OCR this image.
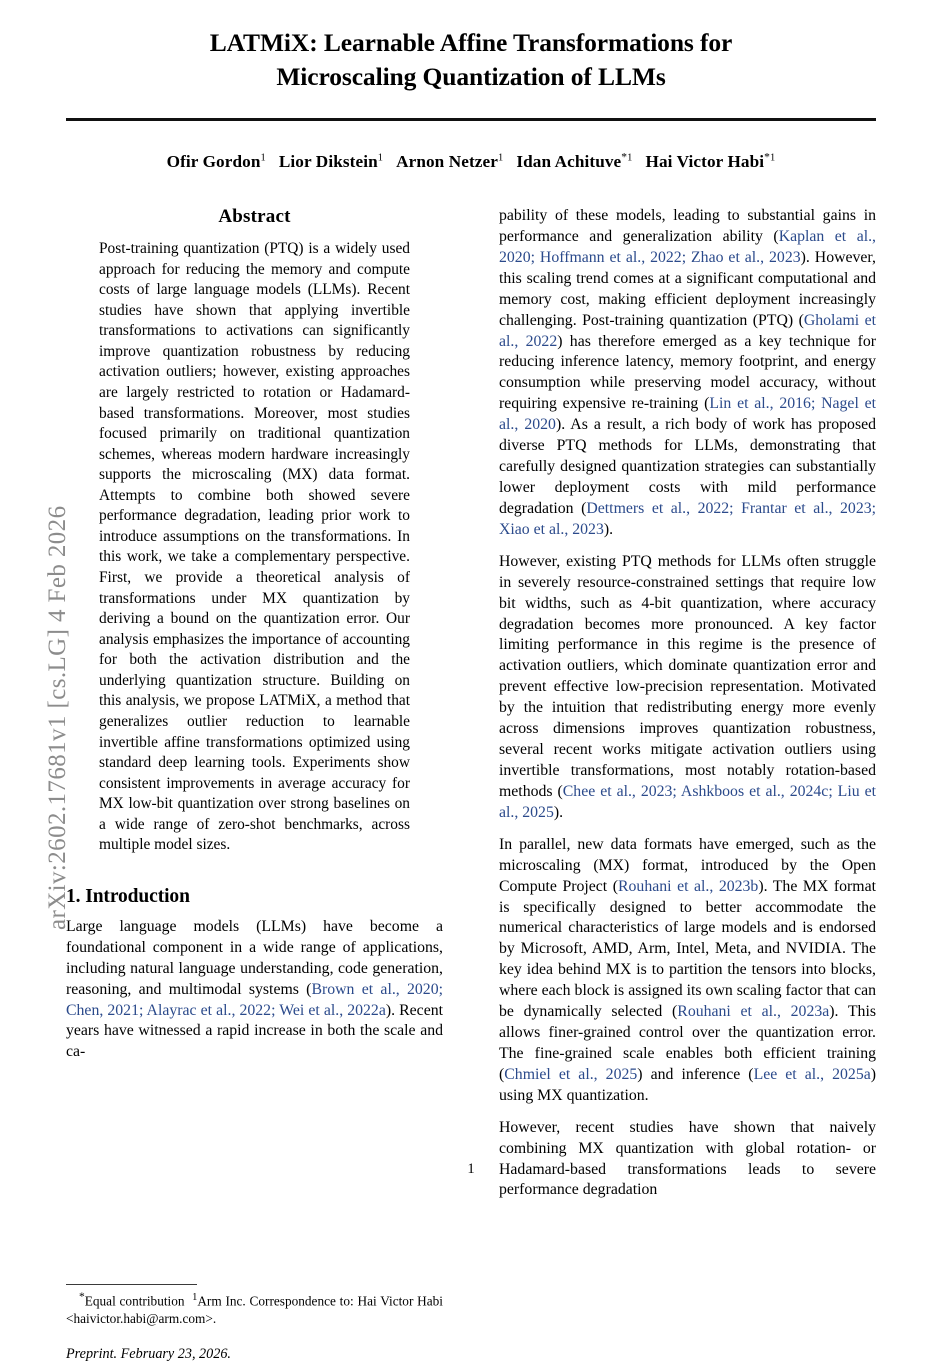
arXiv:2602.17681v1 [cs.LG] 4 Feb 2026
LATMiX: Learnable Affine Transformations for
Microscaling Quantization of LLMs
Ofir Gordon$^1$ Lior Dikstein$^1$ Arnon Netzer$^1$ Idan Achituve$^{*1}$ Hai Victor Habi$^{*1}$
Abstract

Post-training quantization (PTQ) is a widely used approach for reducing the memory and compute costs of large language models (LLMs). Recent studies have shown that applying invertible transformations to activations can significantly improve quantization robustness by reducing activation outliers; however, existing approaches are largely restricted to rotation or Hadamard-based transformations. Moreover, most studies focused primarily on traditional quantization schemes, whereas modern hardware increasingly supports the microscaling (MX) data format. Attempts to combine both showed severe performance degradation, leading prior work to introduce assumptions on the transformations. In this work, we take a complementary perspective. First, we provide a theoretical analysis of transformations under MX quantization by deriving a bound on the quantization error. Our analysis emphasizes the importance of accounting for both the activation distribution and the underlying quantization structure. Building on this analysis, we propose LATMiX, a method that generalizes outlier reduction to learnable invertible affine transformations optimized using standard deep learning tools. Experiments show consistent improvements in average accuracy for MX low-bit quantization over strong baselines on a wide range of zero-shot benchmarks, across multiple model sizes.

1. Introduction

Large language models (LLMs) have become a foundational component in a wide range of applications, including natural language understanding, code generation, reasoning, and multimodal systems (Brown et al., 2020; Chen, 2021; Alayrac et al., 2022; Wei et al., 2022a). Recent years have witnessed a rapid increase in both the scale and ca-

pability of these models, leading to substantial gains in performance and generalization ability (Kaplan et al., 2020; Hoffmann et al., 2022; Zhao et al., 2023). However, this scaling trend comes at a significant computational and memory cost, making efficient deployment increasingly challenging. Post-training quantization (PTQ) (Gholami et al., 2022) has therefore emerged as a key technique for reducing inference latency, memory footprint, and energy consumption while preserving model accuracy, without requiring expensive re-training (Lin et al., 2016; Nagel et al., 2020). As a result, a rich body of work has proposed diverse PTQ methods for LLMs, demonstrating that carefully designed quantization strategies can substantially lower deployment costs with mild performance degradation (Dettmers et al., 2022; Frantar et al., 2023; Xiao et al., 2023).

However, existing PTQ methods for LLMs often struggle in severely resource-constrained settings that require low bit widths, such as 4-bit quantization, where accuracy degradation becomes more pronounced. A key factor limiting performance in this regime is the presence of activation outliers, which dominate quantization error and prevent effective low-precision representation. Motivated by the intuition that redistributing energy more evenly across dimensions improves quantization robustness, several recent works mitigate activation outliers using invertible transformations, most notably rotation-based methods (Chee et al., 2023; Ashkboos et al., 2024c; Liu et al., 2025).

In parallel, new data formats have emerged, such as the microscaling (MX) format, introduced by the Open Compute Project (Rouhani et al., 2023b). The MX format is specifically designed to better accommodate the numerical characteristics of large models and is endorsed by Microsoft, AMD, Arm, Intel, Meta, and NVIDIA. The key idea behind MX is to partition the tensors into blocks, where each block is assigned its own scaling factor that can be dynamically selected (Rouhani et al., 2023a). This allows finer-grained control over the quantization error. The fine-grained scale enables both efficient training (Chmiel et al., 2025) and inference (Lee et al., 2025a) using MX quantization.

However, recent studies have shown that naively combining MX quantization with global rotation- or Hadamard-based transformations leads to severe performance degradation

*Equal contribution $^1$Arm Inc. Correspondence to: Hai Victor Habi <haivictor.habi@arm.com>.

Preprint. February 23, 2026.

1
